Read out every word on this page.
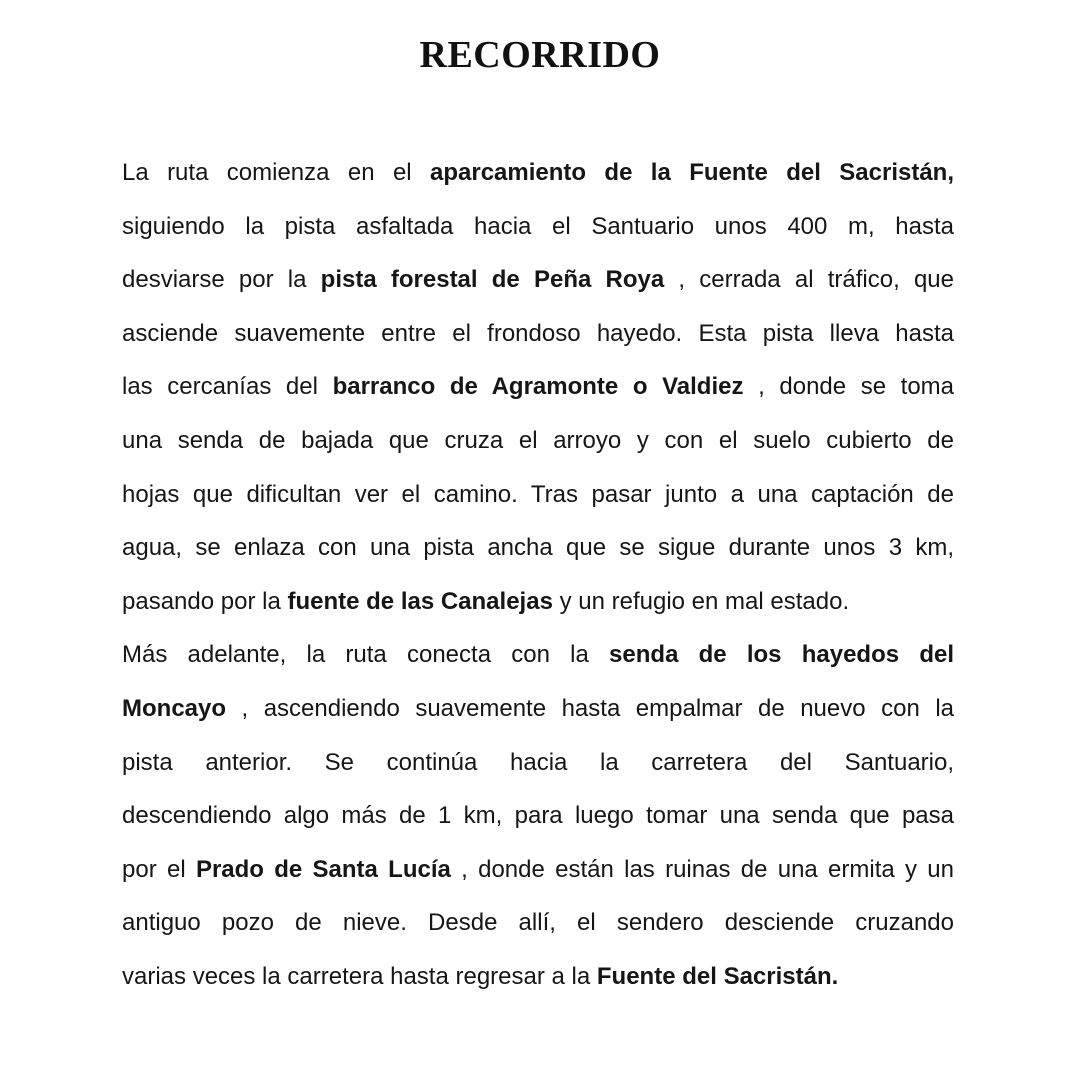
RECORRIDO
La ruta comienza en el aparcamiento de la Fuente del Sacristán,
siguiendo la pista asfaltada hacia el Santuario unos 400 m, hasta
desviarse por la pista forestal de Peña Roya , cerrada al tráfico, que
asciende suavemente entre el frondoso hayedo. Esta pista lleva hasta
las cercanías del barranco de Agramonte o Valdiez , donde se toma
una senda de bajada que cruza el arroyo y con el suelo cubierto de
hojas que dificultan ver el camino. Tras pasar junto a una captación de
agua, se enlaza con una pista ancha que se sigue durante unos 3 km,
pasando por la fuente de las Canalejas y un refugio en mal estado.
Más adelante, la ruta conecta con la senda de los hayedos del
Moncayo , ascendiendo suavemente hasta empalmar de nuevo con la
pista anterior. Se continúa hacia la carretera del Santuario,
descendiendo algo más de 1 km, para luego tomar una senda que pasa
por el Prado de Santa Lucía , donde están las ruinas de una ermita y un
antiguo pozo de nieve. Desde allí, el sendero desciende cruzando
varias veces la carretera hasta regresar a la Fuente del Sacristán.
